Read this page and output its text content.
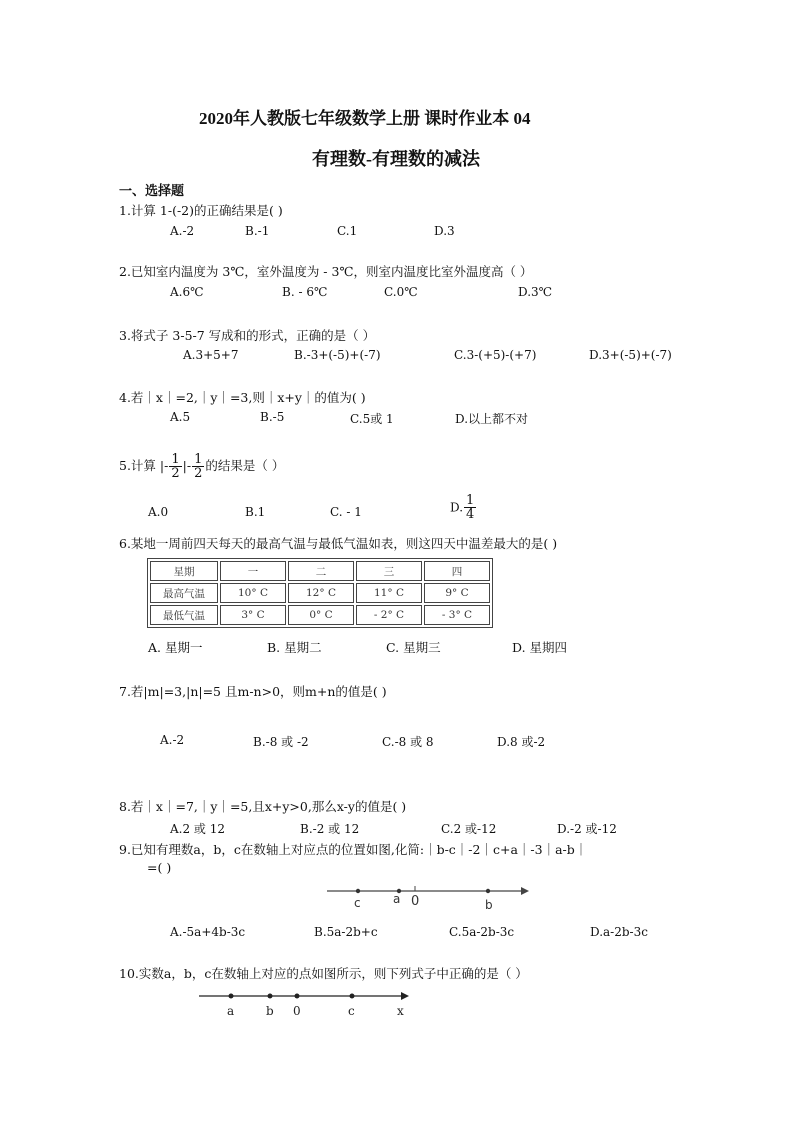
2020年人教版七年级数学上册 课时作业本 04
有理数-有理数的减法
一、选择题
1.计算 1-(-2)的正确结果是( )
A.-2	B.-1	C.1	D.3
2.已知室内温度为 3℃，室外温度为 - 3℃，则室内温度比室外温度高（ ）
A.6℃	B. - 6℃	C.0℃	D.3℃
3.将式子 3-5-7 写成和的形式，正确的是（ ）
A.3+5+7	B.-3+(-5)+(-7)	C.3-(+5)-(+7)	D.3+(-5)+(-7)
4.若｜x｜=2,｜y｜=3,则｜x+y｜的值为( )
A.5	B.-5	C.5或 1	D.以上都不对
5.计算 |- $\frac{1}{2}$ |- $\frac{1}{2}$ 的结果是（ ）
A.0	B.1	C. - 1	D. $\frac{1}{4}$
6.某地一周前四天每天的最高气温与最低气温如表，则这四天中温差最大的是( )
星期	一	二	三	四
最高气温	10° C	12° C	11° C	9° C
最低气温	3° C	0° C	- 2° C	- 3° C
A. 星期一	B. 星期二	C. 星期三	D. 星期四
7.若|m|=3,|n|=5 且m-n>0，则m+n的值是( )
A.-2	B.-8 或 -2	C.-8 或 8	D.8 或-2
8.若｜x｜=7,｜y｜=5,且x+y>0,那么x-y的值是( )
A.2 或 12	B.-2 或 12	C.2 或-12	D.-2 或-12
9.已知有理数a，b，c在数轴上对应点的位置如图,化简:｜b-c｜-2｜c+a｜-3｜a-b｜
=( )
c	a 0	b
A.-5a+4b-3c	B.5a-2b+c	C.5a-2b-3c	D.a-2b-3c
10.实数a，b，c在数轴上对应的点如图所示，则下列式子中正确的是（ ）
a	b 0	c	x
